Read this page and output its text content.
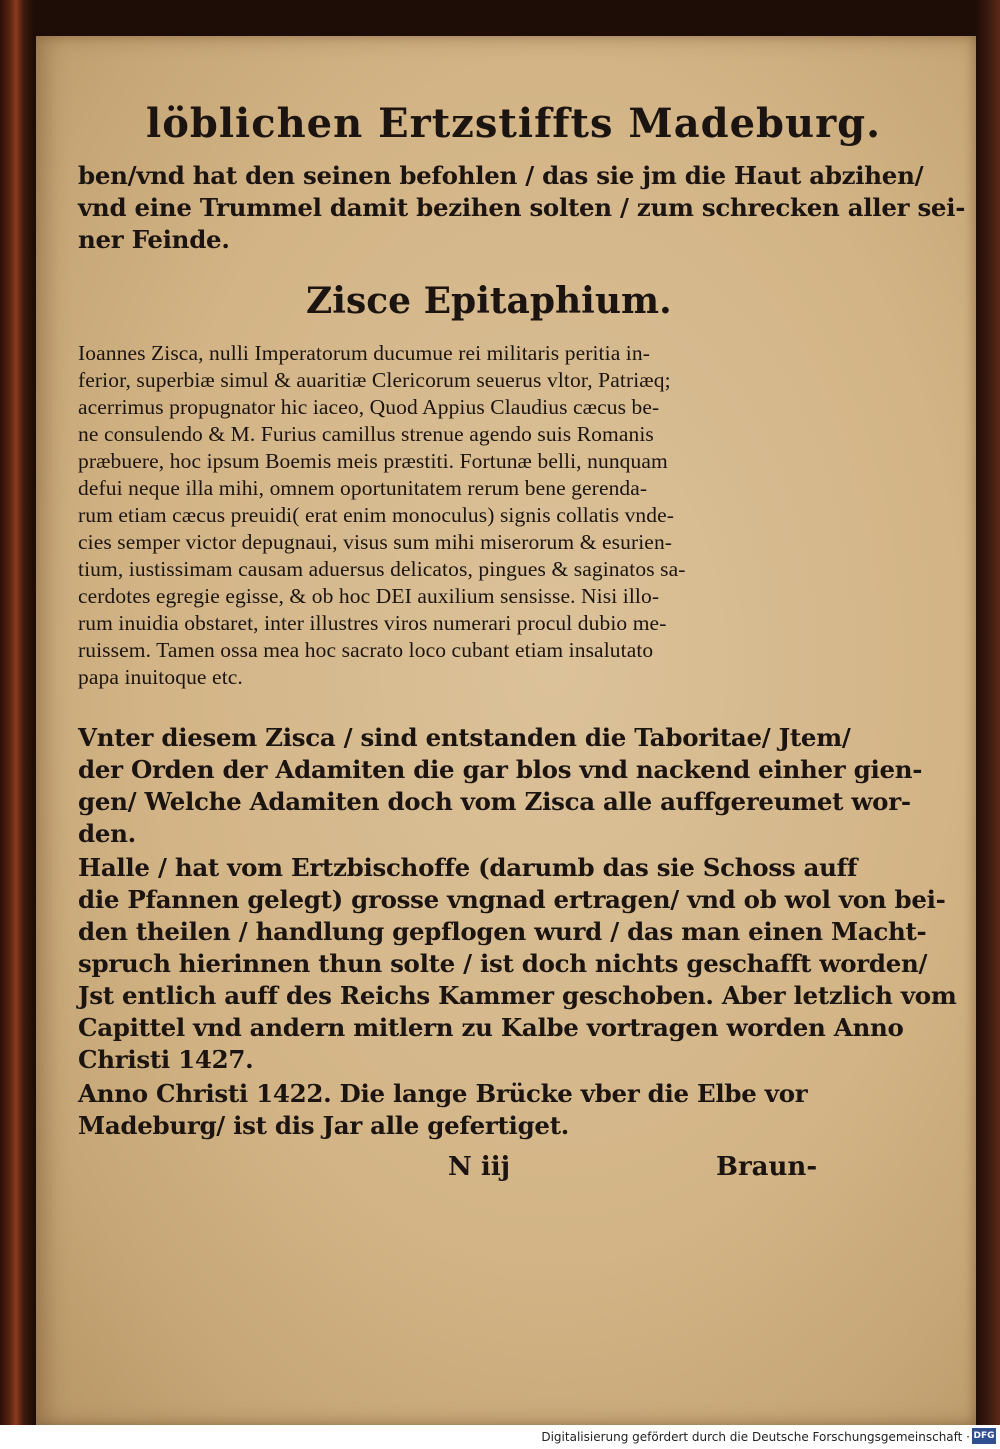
löblichen Ertzstiffts Madeburg.
ben/vnd hat den seinen befohlen / das sie jm die Haut abzihen/
vnd eine Trummel damit bezihen solten / zum schrecken aller sei-
ner Feinde.
Zisce Epitaphium.
Ioannes Zisca, nulli Imperatorum ducumue rei militaris peritia in-
ferior, superbiæ simul & auaritiæ Clericorum seuerus vltor, Patriæq;
acerrimus propugnator hic iaceo, Quod Appius Claudius cæcus be-
ne consulendo & M. Furius camillus strenue agendo suis Romanis
præbuere, hoc ipsum Boemis meis præstiti. Fortunæ belli, nunquam
defui neque illa mihi, omnem oportunitatem rerum bene gerenda-
rum etiam cæcus preuidi( erat enim monoculus) signis collatis vnde-
cies semper victor depugnaui, visus sum mihi miserorum & esurien-
tium, iustissimam causam aduersus delicatos, pingues & saginatos sa-
cerdotes egregie egisse, & ob hoc DEI auxilium sensisse. Nisi illo-
rum inuidia obstaret, inter illustres viros numerari procul dubio me-
ruissem. Tamen ossa mea hoc sacrato loco cubant etiam insalutato
papa inuitoque etc.
Vnter diesem Zisca / sind entstanden die Taboritae/ Jtem/
der Orden der Adamiten die gar blos vnd nackend einher gien-
gen/ Welche Adamiten doch vom Zisca alle auffgereumet wor-
den.
Halle / hat vom Ertzbischoffe (darumb das sie Schoss auff
die Pfannen gelegt) grosse vngnad ertragen/ vnd ob wol von bei-
den theilen / handlung gepflogen wurd / das man einen Macht-
spruch hierinnen thun solte / ist doch nichts geschafft worden/
Jst entlich auff des Reichs Kammer geschoben. Aber letzlich vom
Capittel vnd andern mitlern zu Kalbe vortragen worden Anno
Christi 1427.
Anno Christi 1422. Die lange Brücke vber die Elbe vor
Madeburg/ ist dis Jar alle gefertiget.
N iij	Braun-
Digitalisierung gefördert durch die Deutsche Forschungsgemeinschaft · DFG
